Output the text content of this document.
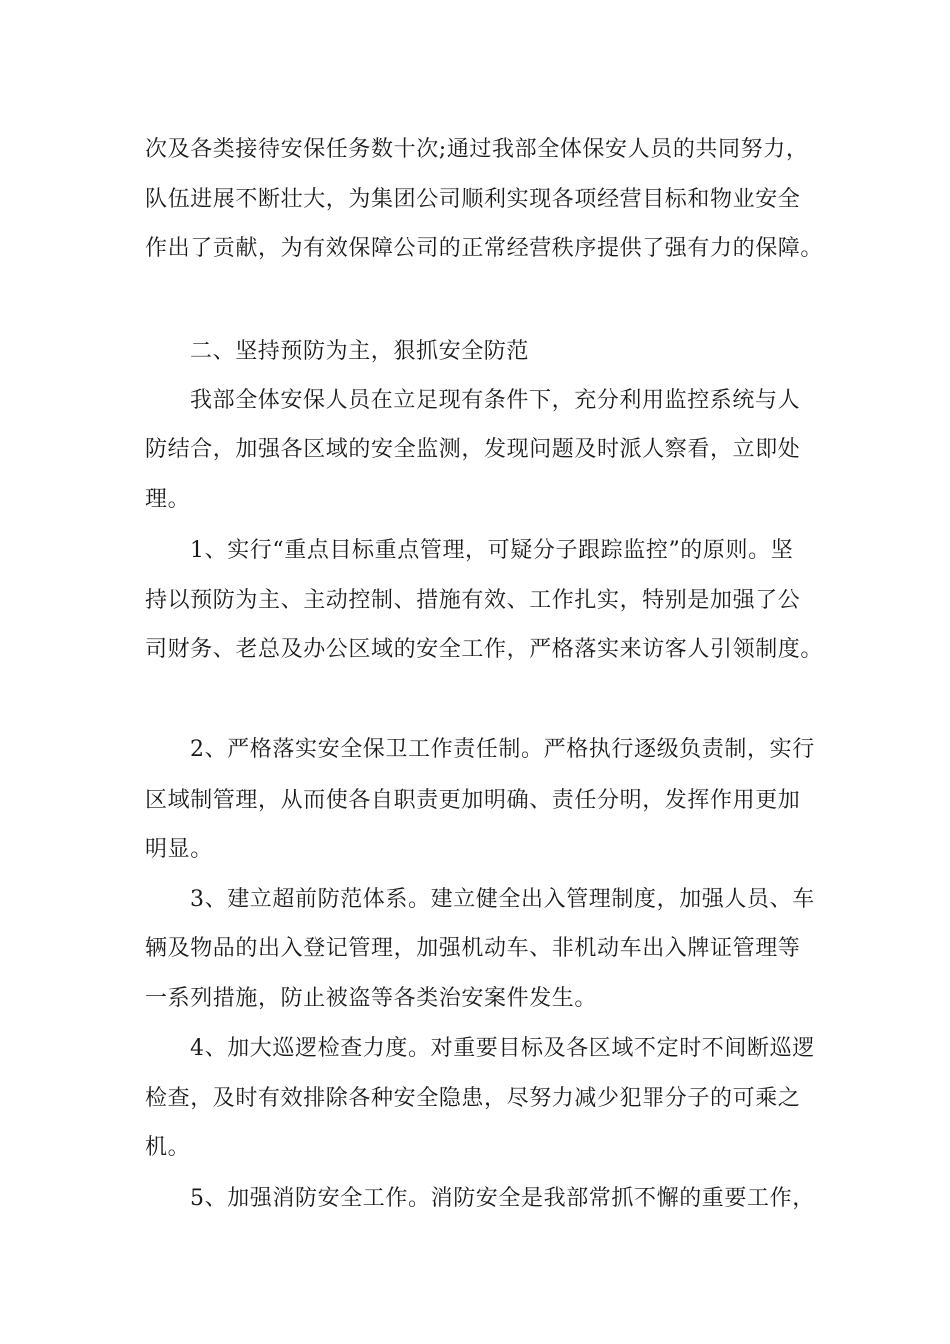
次及各类接待安保任务数十次;通过我部全体保安人员的共同努力，
队伍进展不断壮大，为集团公司顺利实现各项经营目标和物业安全
作出了贡献，为有效保障公司的正常经营秩序提供了强有力的保障。
二、坚持预防为主，狠抓安全防范
我部全体安保人员在立足现有条件下，充分利用监控系统与人
防结合，加强各区域的安全监测，发现问题及时派人察看，立即处
理。
1、实行“重点目标重点管理，可疑分子跟踪监控”的原则。坚
持以预防为主、主动控制、措施有效、工作扎实，特别是加强了公
司财务、老总及办公区域的安全工作，严格落实来访客人引领制度。
2、严格落实安全保卫工作责任制。严格执行逐级负责制，实行
区域制管理，从而使各自职责更加明确、责任分明，发挥作用更加
明显。
3、建立超前防范体系。建立健全出入管理制度，加强人员、车
辆及物品的出入登记管理，加强机动车、非机动车出入牌证管理等
一系列措施，防止被盗等各类治安案件发生。
4、加大巡逻检查力度。对重要目标及各区域不定时不间断巡逻
检查，及时有效排除各种安全隐患，尽努力减少犯罪分子的可乘之
机。
5、加强消防安全工作。消防安全是我部常抓不懈的重要工作，
